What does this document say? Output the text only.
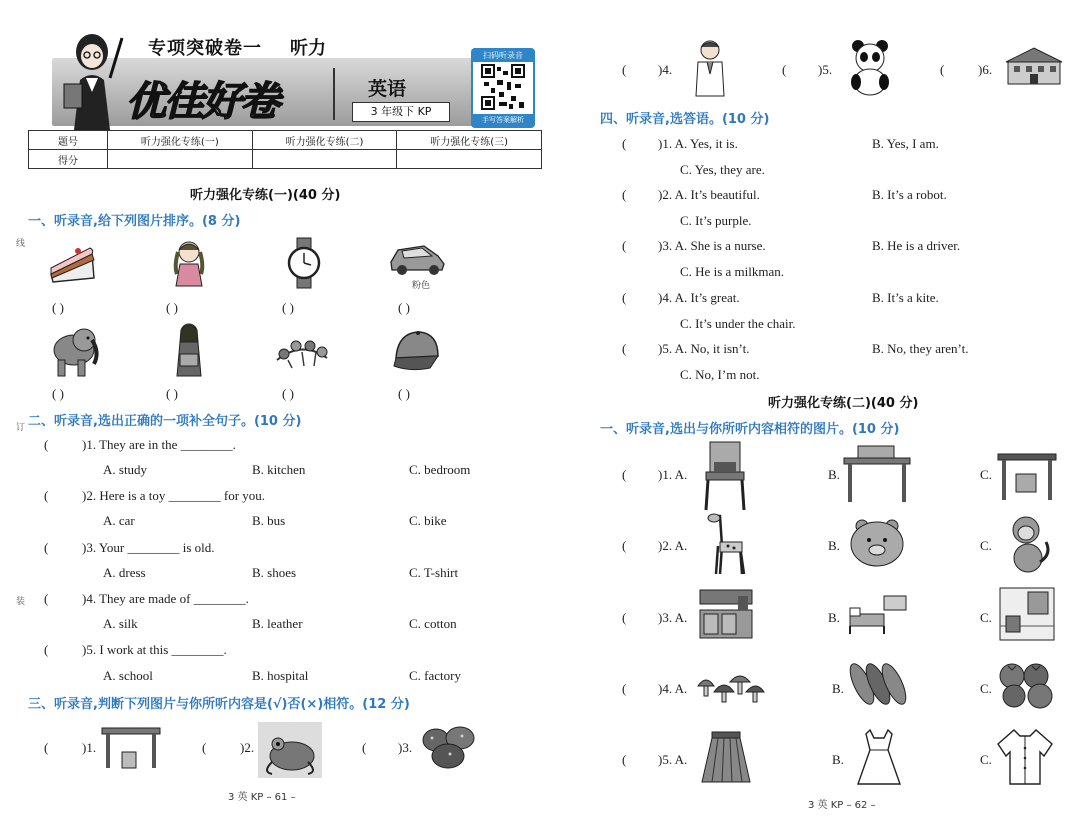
专项突破卷一 听力
优佳好卷	英语
3 年级下 KP
扫码听录音
手写答案解析
题号	听力强化专练(一)	听力强化专练(二)	听力强化专练(三)
得分			
线
订
装
听力强化专练(一)(40 分)
一、听录音,给下列图片排序。(8 分)
粉色
( )	( )	( )	( )
( )	( )	( )	( )
二、听录音,选出正确的一项补全句子。(10 分)
(	)1. They are in the ________.
A. study	B. kitchen	C. bedroom
(	)2. Here is a toy ________ for you.
A. car	B. bus	C. bike
(	)3. Your ________ is old.
A. dress	B. shoes	C. T-shirt
(	)4. They are made of ________.
A. silk	B. leather	C. cotton
(	)5. I work at this ________.
A. school	B. hospital	C. factory
三、听录音,判断下列图片与你所听内容是(√)否(×)相符。(12 分)
(	)1.	(	)2.	( )3.
3 英 KP – 61 –
( )4.	( )5.	(	)6.
四、听录音,选答语。(10 分)
( )1. A. Yes, it is.	B. Yes, I am.
C. Yes, they are.
( )2. A. It’s beautiful.	B. It’s a robot.
C. It’s purple.
( )3. A. She is a nurse.	B. He is a driver.
C. He is a milkman.
( )4. A. It’s great.	B. It’s a kite.
C. It’s under the chair.
( )5. A. No, it isn’t.	B. No, they aren’t.
C. No, I’m not.
听力强化专练(二)(40 分)
一、听录音,选出与你所听内容相符的图片。(10 分)
( )1. A.	B.	C.
( )2. A.	B.	C.
( )3. A.	B.	C.
( )4. A.	B.	C.
( )5. A.	B.	C.
3 英 KP – 62 –
